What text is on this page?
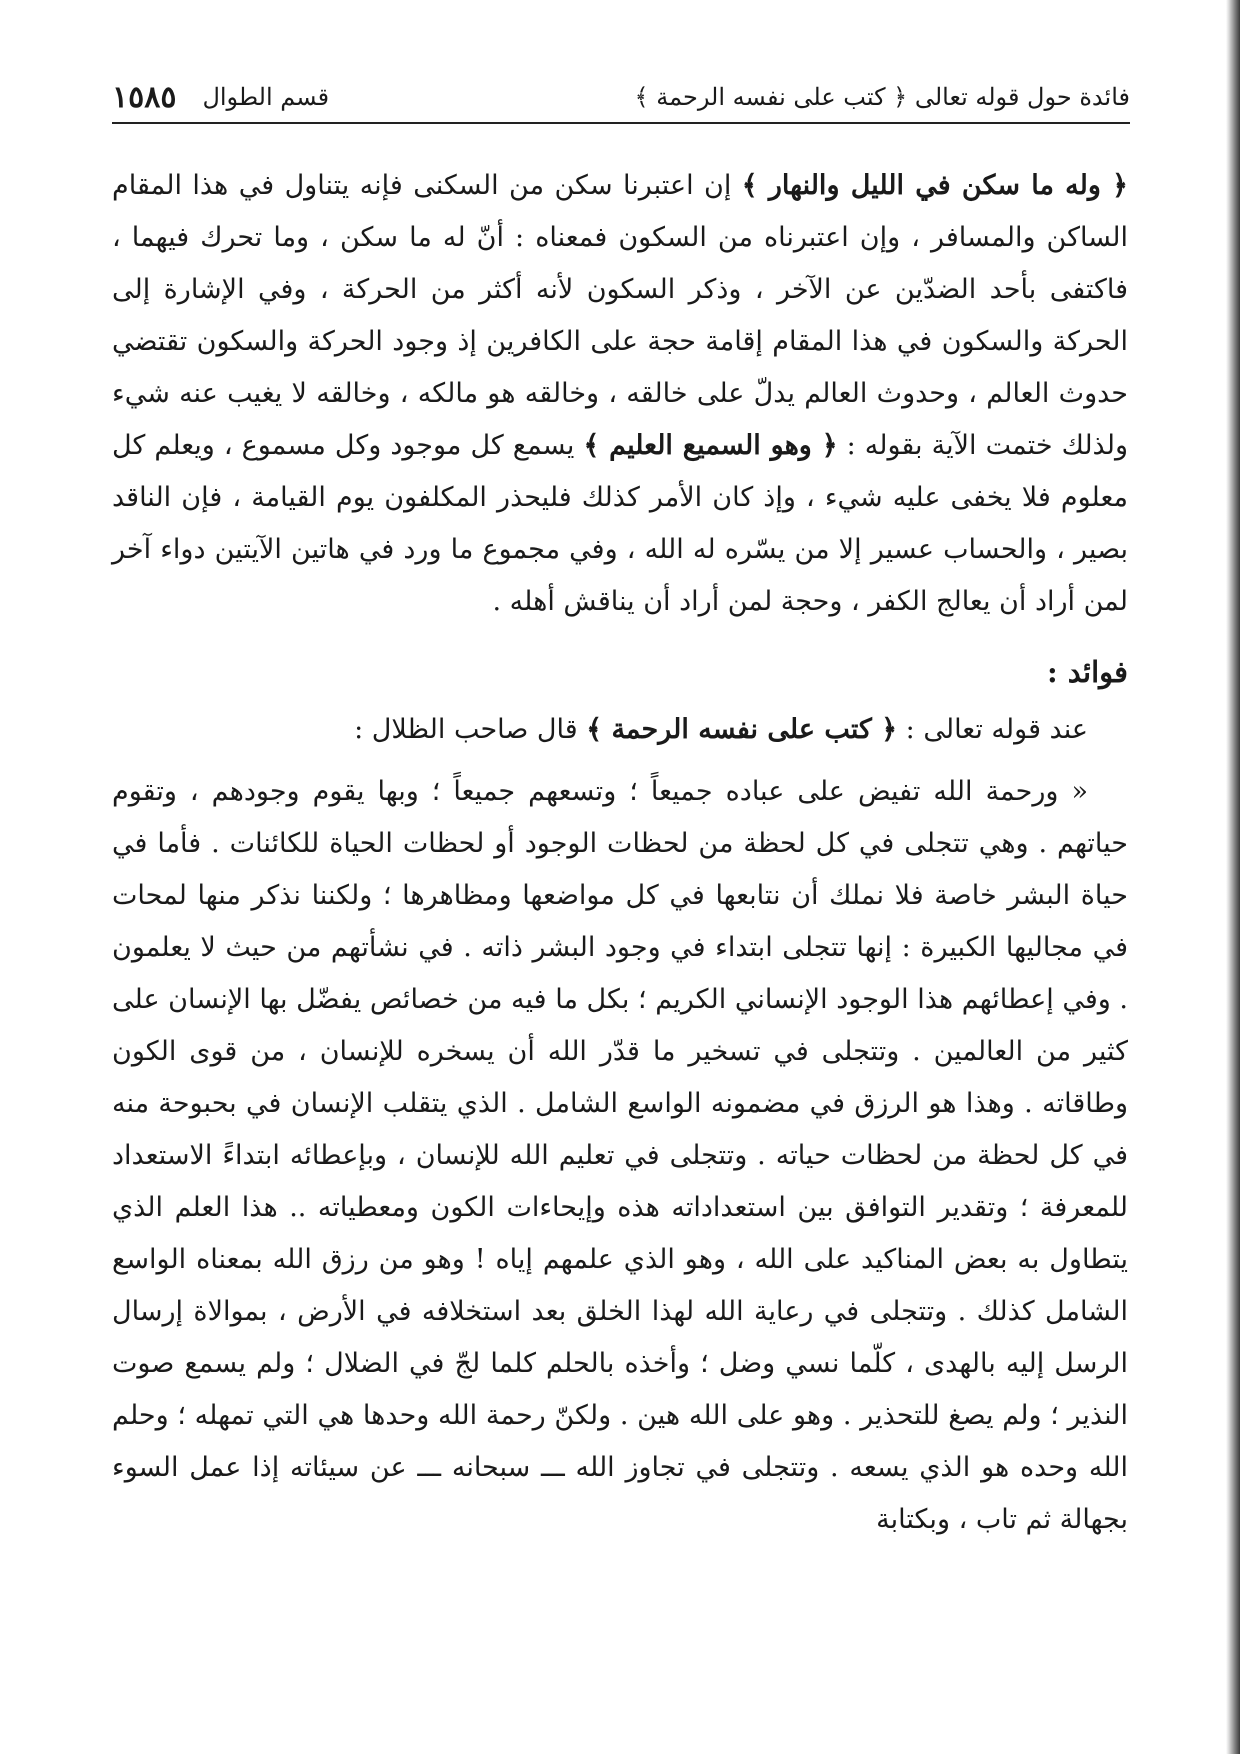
فائدة حول قوله تعالى ﴿ كتب على نفسه الرحمة ﴾
قسم الطوال
١٥٨٥

﴿ وله ما سكن في الليل والنهار ﴾ إن اعتبرنا سكن من السكنى فإنه يتناول في هذا المقام الساكن والمسافر ، وإن اعتبرناه من السكون فمعناه : أنّ له ما سكن ، وما تحرك فيهما ، فاكتفى بأحد الضدّين عن الآخر ، وذكر السكون لأنه أكثر من الحركة ، وفي الإشارة إلى الحركة والسكون في هذا المقام إقامة حجة على الكافرين إذ وجود الحركة والسكون تقتضي حدوث العالم ، وحدوث العالم يدلّ على خالقه ، وخالقه هو مالكه ، وخالقه لا يغيب عنه شيء ولذلك ختمت الآية بقوله : ﴿ وهو السميع العليم ﴾ يسمع كل موجود وكل مسموع ، ويعلم كل معلوم فلا يخفى عليه شيء ، وإذ كان الأمر كذلك فليحذر المكلفون يوم القيامة ، فإن الناقد بصير ، والحساب عسير إلا من يسّره له الله ، وفي مجموع ما ورد في هاتين الآيتين دواء آخر لمن أراد أن يعالج الكفر ، وحجة لمن أراد أن يناقش أهله .

فوائد :

عند قوله تعالى : ﴿ كتب على نفسه الرحمة ﴾ قال صاحب الظلال :

« ورحمة الله تفيض على عباده جميعاً ؛ وتسعهم جميعاً ؛ وبها يقوم وجودهم ، وتقوم حياتهم . وهي تتجلى في كل لحظة من لحظات الوجود أو لحظات الحياة للكائنات . فأما في حياة البشر خاصة فلا نملك أن نتابعها في كل مواضعها ومظاهرها ؛ ولكننا نذكر منها لمحات في مجاليها الكبيرة : إنها تتجلى ابتداء في وجود البشر ذاته . في نشأتهم من حيث لا يعلمون . وفي إعطائهم هذا الوجود الإنساني الكريم ؛ بكل ما فيه من خصائص يفضّل بها الإنسان على كثير من العالمين . وتتجلى في تسخير ما قدّر الله أن يسخره للإنسان ، من قوى الكون وطاقاته . وهذا هو الرزق في مضمونه الواسع الشامل . الذي يتقلب الإنسان في بحبوحة منه في كل لحظة من لحظات حياته . وتتجلى في تعليم الله للإنسان ، وبإعطائه ابتداءً الاستعداد للمعرفة ؛ وتقدير التوافق بين استعداداته هذه وإيحاءات الكون ومعطياته .. هذا العلم الذي يتطاول به بعض المناكيد على الله ، وهو الذي علمهم إياه ! وهو من رزق الله بمعناه الواسع الشامل كذلك . وتتجلى في رعاية الله لهذا الخلق بعد استخلافه في الأرض ، بموالاة إرسال الرسل إليه بالهدى ، كلّما نسي وضل ؛ وأخذه بالحلم كلما لجّ في الضلال ؛ ولم يسمع صوت النذير ؛ ولم يصغ للتحذير . وهو على الله هين . ولكنّ رحمة الله وحدها هي التي تمهله ؛ وحلم الله وحده هو الذي يسعه . وتتجلى في تجاوز الله ـــ سبحانه ـــ عن سيئاته إذا عمل السوء بجهالة ثم تاب ، وبكتابة
